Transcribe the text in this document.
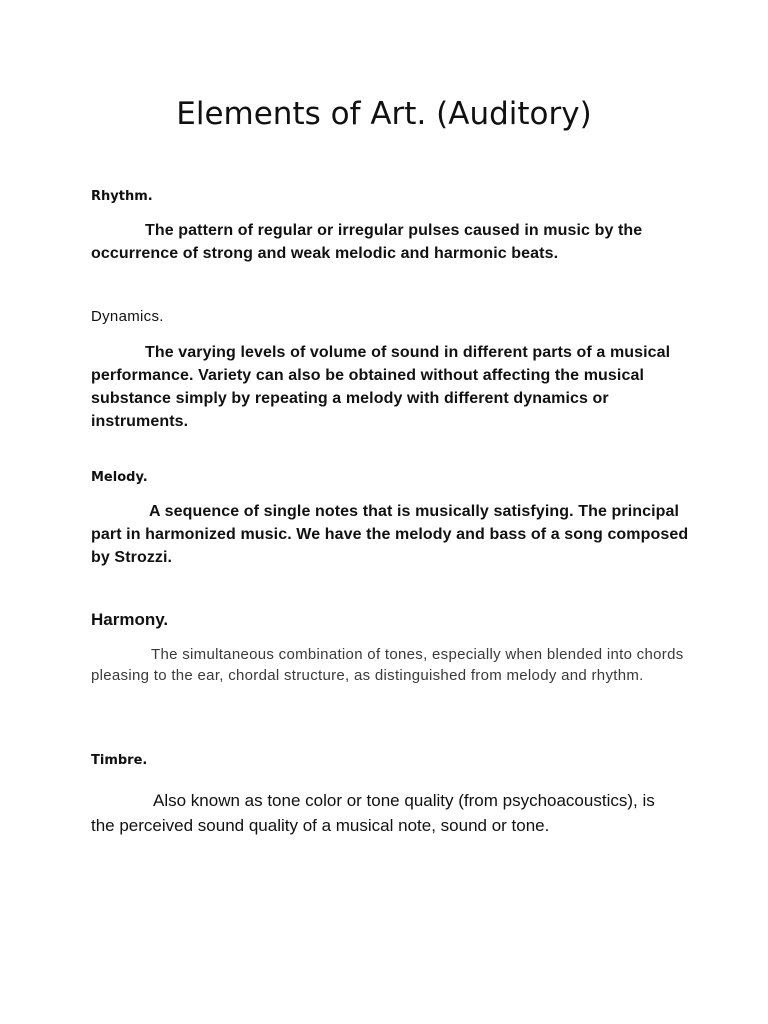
Elements of Art. (Auditory)
Rhythm.

The pattern of regular or irregular pulses caused in music by the occurrence of strong and weak melodic and harmonic beats.

Dynamics.

The varying levels of volume of sound in different parts of a musical performance. Variety can also be obtained without affecting the musical substance simply by repeating a melody with different dynamics or instruments.

Melody.

A sequence of single notes that is musically satisfying. The principal part in harmonized music. We have the melody and bass of a song composed by Strozzi.

Harmony.

The simultaneous combination of tones, especially when blended into chords pleasing to the ear, chordal structure, as distinguished from melody and rhythm.

Timbre.

Also known as tone color or tone quality (from psychoacoustics), is the perceived sound quality of a musical note, sound or tone.
